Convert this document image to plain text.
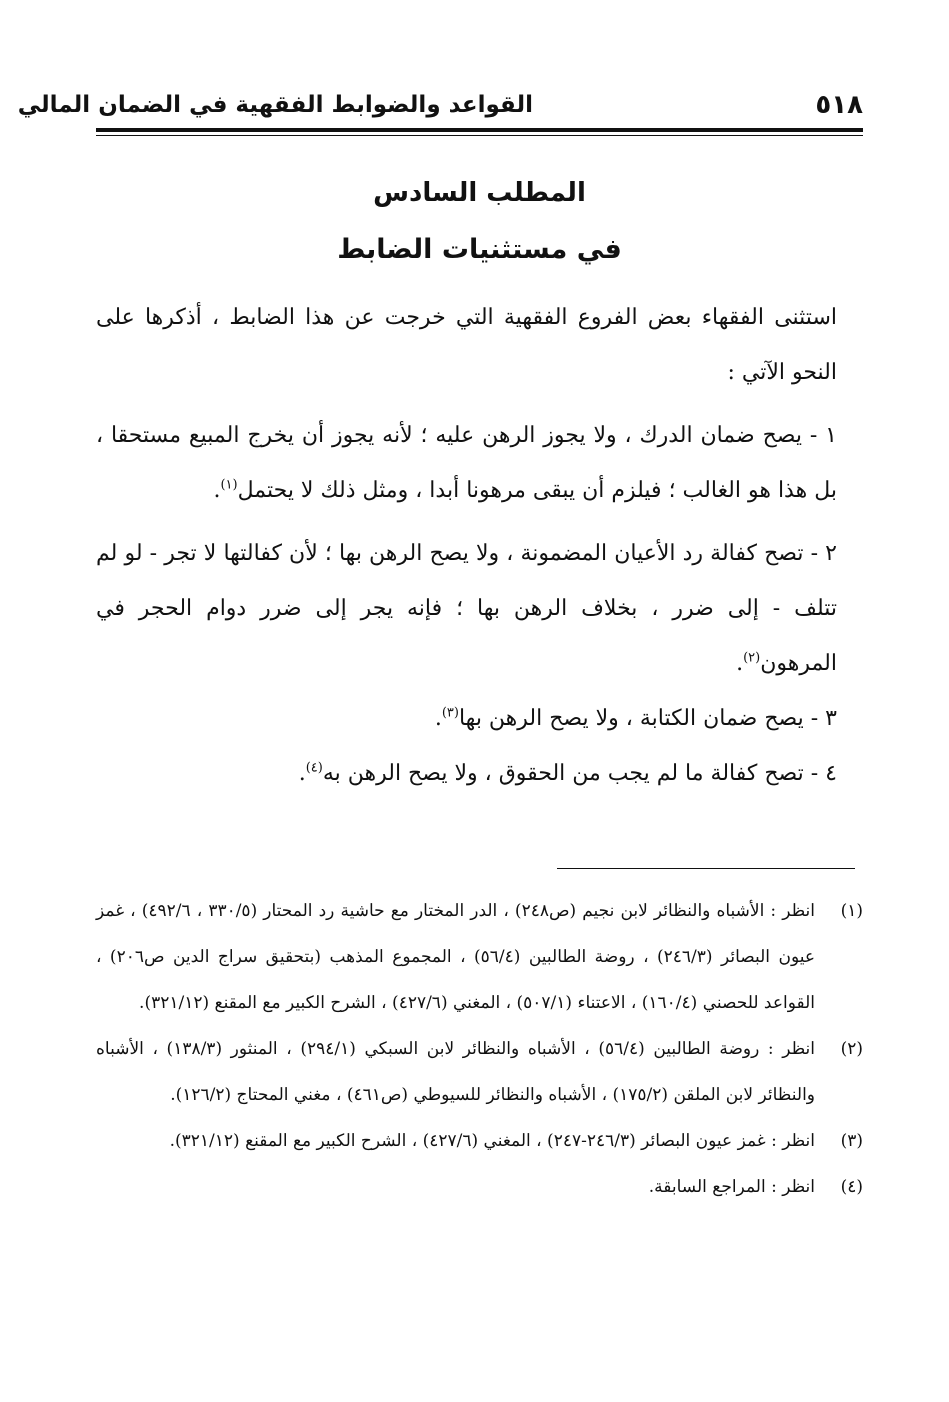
٥١٨
القواعد والضوابط الفقهية في الضمان المالي
المطلب السادس
في مستثنيات الضابط

استثنى الفقهاء بعض الفروع الفقهية التي خرجت عن هذا الضابط ، أذكرها على النحو الآتي :

١ - يصح ضمان الدرك ، ولا يجوز الرهن عليه ؛ لأنه يجوز أن يخرج المبيع مستحقا ، بل هذا هو الغالب ؛ فيلزم أن يبقى مرهونا أبدا ، ومثل ذلك لا يحتمل$^{(١)}$.

٢ - تصح كفالة رد الأعيان المضمونة ، ولا يصح الرهن بها ؛ لأن كفالتها لا تجر - لو لم تتلف - إلى ضرر ، بخلاف الرهن بها ؛ فإنه يجر إلى ضرر دوام الحجر في المرهون$^{(٢)}$.

٣ - يصح ضمان الكتابة ، ولا يصح الرهن بها$^{(٣)}$.

٤ - تصح كفالة ما لم يجب من الحقوق ، ولا يصح الرهن به$^{(٤)}$.

(١)انظر : الأشباه والنظائر لابن نجيم (ص٢٤٨) ، الدر المختار مع حاشية رد المحتار (٣٣٠/٥ ، ٤٩٢/٦) ، غمز عيون البصائر (٢٤٦/٣) ، روضة الطالبين (٥٦/٤) ، المجموع المذهب (بتحقيق سراج الدين ص٢٠٦) ، القواعد للحصني (١٦٠/٤) ، الاعتناء (٥٠٧/١) ، المغني (٤٢٧/٦) ، الشرح الكبير مع المقنع (٣٢١/١٢).

(٢)انظر : روضة الطالبين (٥٦/٤) ، الأشباه والنظائر لابن السبكي (٢٩٤/١) ، المنثور (١٣٨/٣) ، الأشباه والنظائر لابن الملقن (١٧٥/٢) ، الأشباه والنظائر للسيوطي (ص٤٦١) ، مغني المحتاج (١٢٦/٢).

(٣)انظر : غمز عيون البصائر (٢٤٦/٣-٢٤٧) ، المغني (٤٢٧/٦) ، الشرح الكبير مع المقنع (٣٢١/١٢).

(٤)انظر : المراجع السابقة.
